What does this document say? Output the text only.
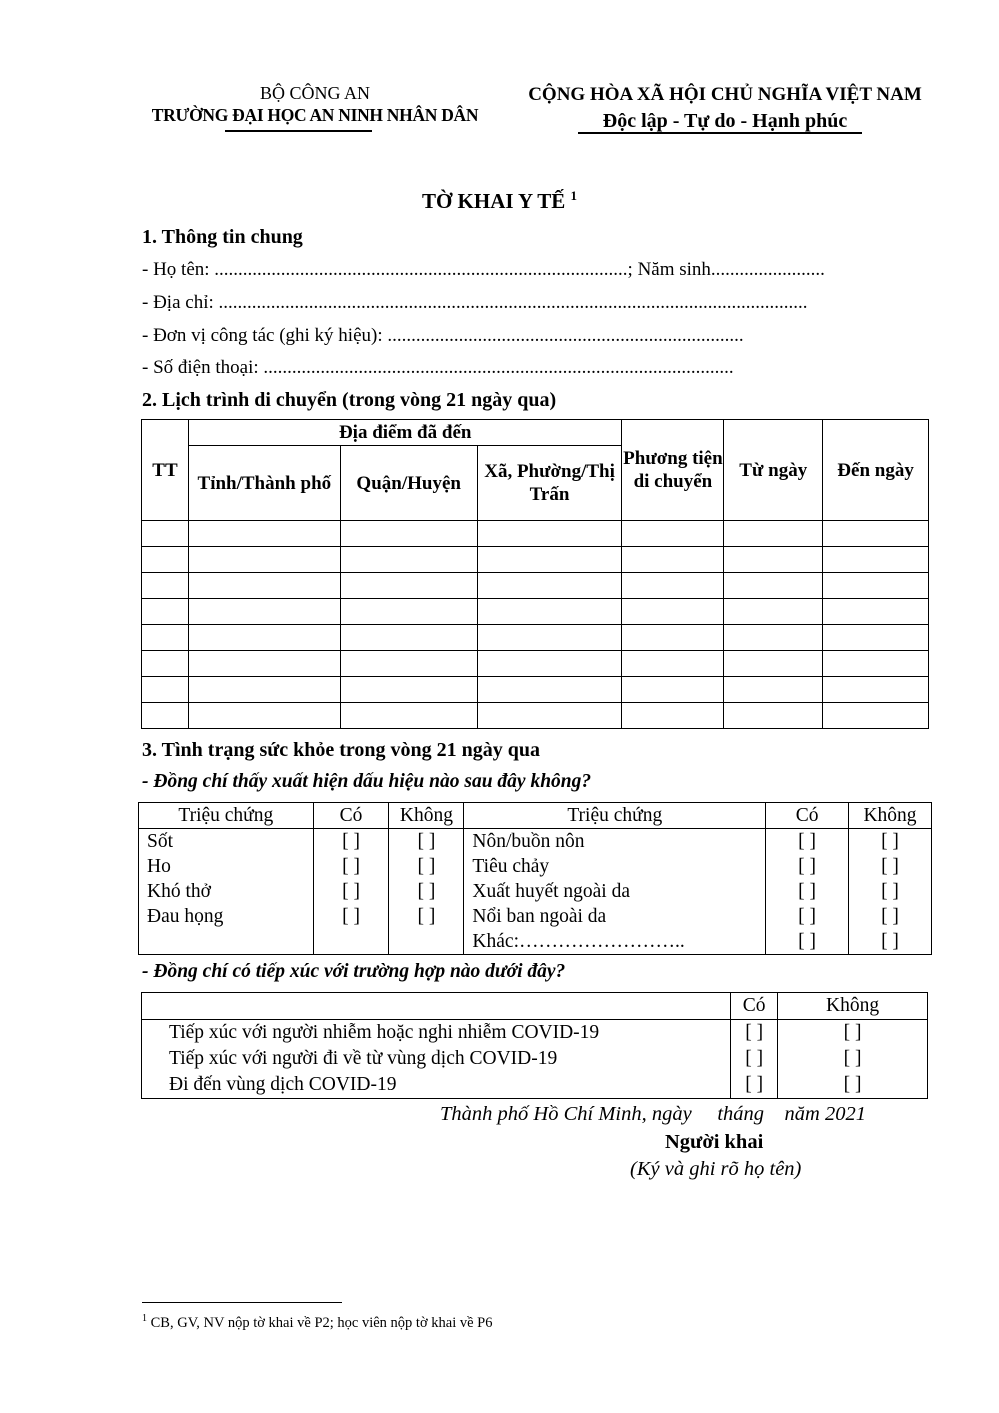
BỘ CÔNG AN
TRƯỜNG ĐẠI HỌC AN NINH NHÂN DÂN
CỘNG HÒA XÃ HỘI CHỦ NGHĨA VIỆT NAM
Độc lập - Tự do - Hạnh phúc
TỜ KHAI Y TẾ $^1$
1. Thông tin chung
- Họ tên: .......................................................................................; Năm sinh........................
- Địa chỉ: ............................................................................................................................
- Đơn vị công tác (ghi ký hiệu): ...........................................................................
- Số điện thoại: ...................................................................................................
2. Lịch trình di chuyển (trong vòng 21 ngày qua)
TT	Địa điểm đã đến			Phương tiện di chuyển	Từ ngày	Đến ngày
	Tỉnh/Thành phố	Quận/Huyện	Xã, Phường/Thị Trấn			

3. Tình trạng sức khỏe trong vòng 21 ngày qua
- Đồng chí thấy xuất hiện dấu hiệu nào sau đây không?
Triệu chứng	Có	Không	Triệu chứng	Có	Không
Sốt	[ ]	[ ]	Nôn/buồn nôn	[ ]	[ ]
Ho	[ ]	[ ]	Tiêu chảy	[ ]	[ ]
Khó thở	[ ]	[ ]	Xuất huyết ngoài da	[ ]	[ ]
Đau họng	[ ]	[ ]	Nổi ban ngoài da	[ ]	[ ]
			Khác:……………………..	[ ]	[ ]
- Đồng chí có tiếp xúc với trường hợp nào dưới đây?
	Có	Không
Tiếp xúc với người nhiễm hoặc nghi nhiễm COVID-19	[ ]	[ ]
Tiếp xúc với người đi về từ vùng dịch COVID-19	[ ]	[ ]
Đi đến vùng dịch COVID-19	[ ]	[ ]
Thành phố Hồ Chí Minh, ngày     tháng    năm 2021
Người khai
(Ký và ghi rõ họ tên)
$^1$ CB, GV, NV nộp tờ khai về P2; học viên nộp tờ khai về P6
